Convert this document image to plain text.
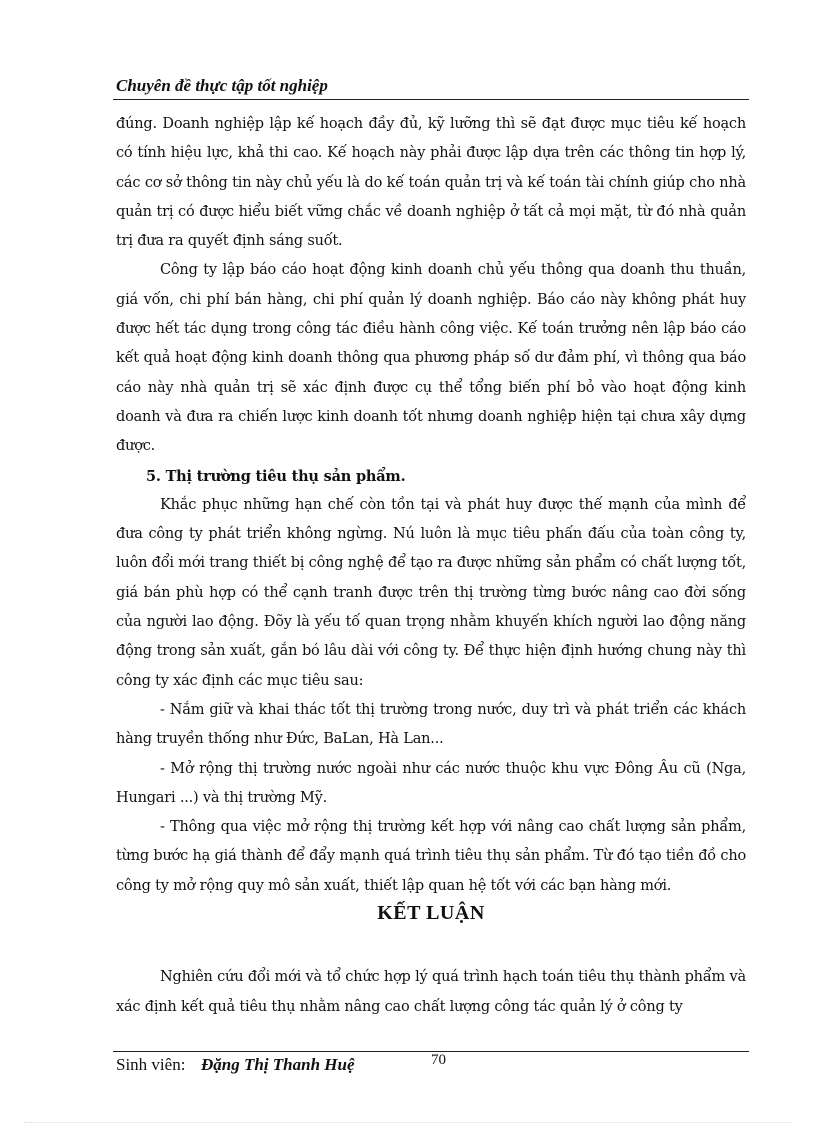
Chuyên đề thực tập tốt nghiệp

đúng. Doanh nghiệp lập kế hoạch đầy đủ, kỹ lưỡng thì sẽ đạt được mục tiêu kế hoạch có tính hiệu lực, khả thi cao. Kế hoạch này phải được lập dựa trên các thông tin hợp lý, các cơ sở thông tin này chủ yếu là do kế toán quản trị và kế toán tài chính giúp cho nhà quản trị có được hiểu biết vững chắc về doanh nghiệp ở tất cả mọi mặt, từ đó nhà quản trị đưa ra quyết định sáng suốt.

Công ty lập báo cáo hoạt động kinh doanh chủ yếu thông qua doanh thu thuần, giá vốn, chi phí bán hàng, chi phí quản lý doanh nghiệp. Báo cáo này không phát huy được hết tác dụng trong công tác điều hành công việc. Kế toán trưởng nên lập báo cáo kết quả hoạt động kinh doanh thông qua phương pháp số dư đảm phí, vì thông qua báo cáo này nhà quản trị sẽ xác định được cụ thể tổng biến phí bỏ vào hoạt động kinh doanh và đưa ra chiến lược kinh doanh tốt nhưng doanh nghiệp hiện tại chưa xây dựng được.

5. Thị trường tiêu thụ sản phẩm.

Khắc phục những hạn chế còn tồn tại và phát huy được thế mạnh của mình để đưa công ty phát triển không ngừng. Nú luôn là mục tiêu phấn đấu của toàn công ty, luôn đổi mới trang thiết bị công nghệ để tạo ra được những sản phẩm có chất lượng tốt, giá bán phù hợp có thể cạnh tranh được trên thị trường từng bước nâng cao đời sống của người lao động. Đõy là yếu tố quan trọng nhằm khuyến khích người lao động năng động trong sản xuất, gắn bó lâu dài với công ty. Để thực hiện định hướng chung này thì công ty xác định các mục tiêu sau:

- Nắm giữ và khai thác tốt thị trường trong nước, duy trì và phát triển các khách hàng truyền thống như Đức, BaLan, Hà Lan...

- Mở rộng thị trường nước ngoài như các nước thuộc khu vực Đông Âu cũ (Nga, Hungari ...) và thị trường Mỹ.

- Thông qua việc mở rộng thị trường kết hợp với nâng cao chất lượng sản phẩm, từng bước hạ giá thành để đẩy mạnh quá trình tiêu thụ sản phẩm. Từ đó tạo tiền đồ cho công ty mở rộng quy mô sản xuất, thiết lập quan hệ tốt với các bạn hàng mới.

KẾT LUẬN

Nghiên cứu đổi mới và tổ chức hợp lý quá trình hạch toán tiêu thụ thành phẩm và xác định kết quả tiêu thụ nhằm nâng cao chất lượng công tác quản lý ở công ty

Sinh viên: Đặng Thị Thanh Huệ	70
